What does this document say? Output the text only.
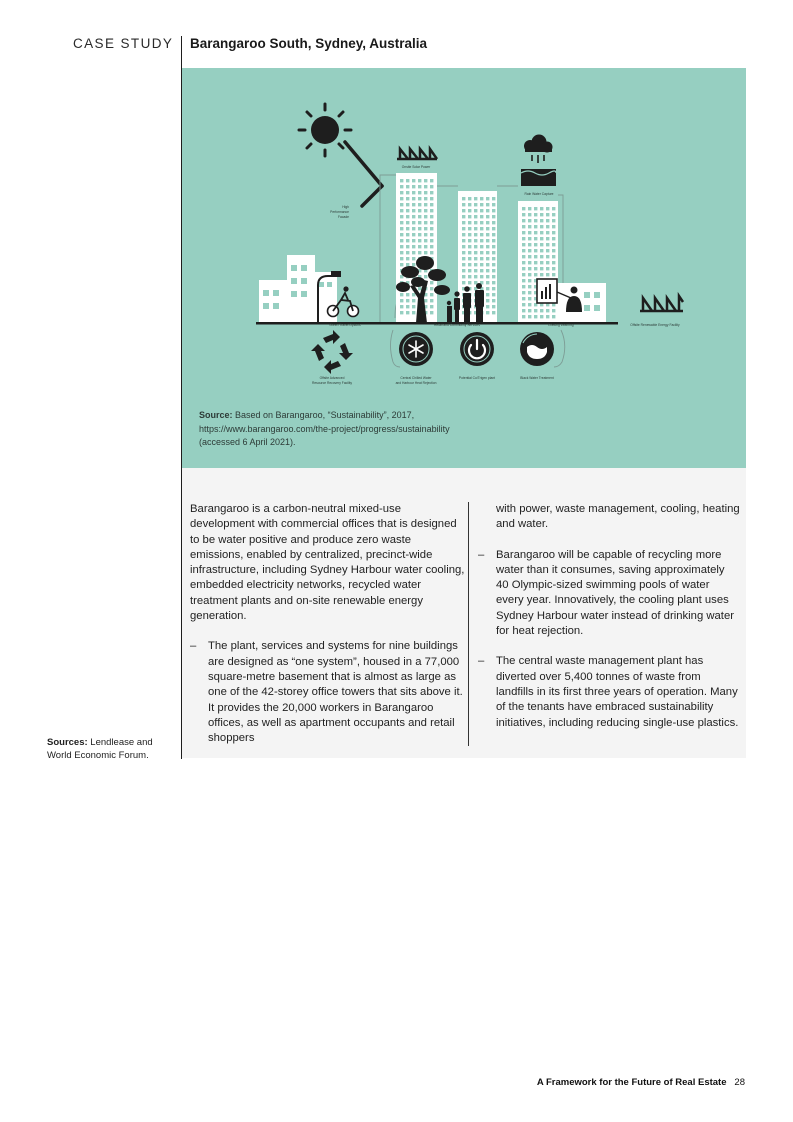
CASE STUDY Barangaroo South, Sydney, Australia
High
Performance
Facade
Onsite Solar Power
Rain Water Capture
Offsite Renewable Energy Facility
Green Travel Options	Retail and Community Services	Lifelong Learning
Offsite Advanced
Resource Recovery Facility
Central Chilled Water
and Harbour Heat Rejection
Potential Co/Trigen plant	Black Water Treatment
Source: Based on Barangaroo, “Sustainability”, 2017,
https://www.barangaroo.com/the-project/progress/sustainability
(accessed 6 April 2021).

Barangaroo is a carbon-neutral mixed-use development with commercial offices that is designed to be water positive and produce zero waste emissions, enabled by centralized, precinct-wide infrastructure, including Sydney Harbour water cooling, embedded electricity networks, recycled water treatment plants and on-site renewable energy generation.

– The plant, services and systems for nine buildings are designed as “one system”, housed in a 77,000 square-metre basement that is almost as large as one of the 42-storey office towers that sits above it. It provides the 20,000 workers in Barangaroo offices, as well as apartment occupants and retail shoppers

with power, waste management, cooling, heating and water.

– Barangaroo will be capable of recycling more water than it consumes, saving approximately 40 Olympic-sized swimming pools of water every year. Innovatively, the cooling plant uses Sydney Harbour water instead of drinking water for heat rejection.
– The central waste management plant has diverted over 5,400 tonnes of waste from landfills in its first three years of operation. Many of the tenants have embraced sustainability initiatives, including reducing single-use plastics.
Sources: Lendlease and World Economic Forum.
A Framework for the Future of Real Estate 28
